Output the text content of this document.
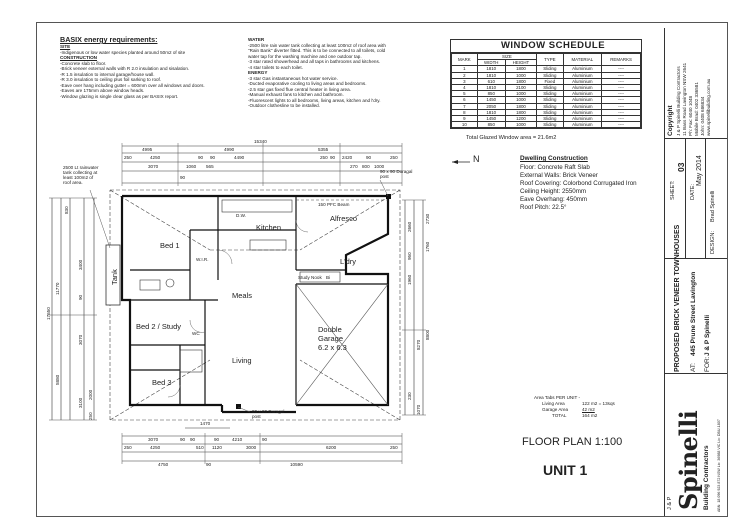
BASIX energy requirements:
SITE
-Indigenous or low water species planted around 50m2 of site
CONSTRUCTION
-Concrete slab to floor.
-Brick veneer external walls with R 2.0 insulation and sisalation.
-R 1.5 insulation to internal garage/house wall.
-R 3.0 insulation to ceiling plus foil sarking to roof.
-Eave over hang including gutter = 600mm over all windows and doors.
-Eaves are 175mm above window heads.
-Window glazing is single clear glass as per BASIX report.
WATER
-2500 litre rain water tank collecting at least 100m2 of roof area with
"Rain Bank" diverter fitted. This is to be connected to all toilets, cold
water tap for the washing machine and one outdoor tap.
-3 star rated showerhead and all taps in bathrooms and kitchens.
-4 star toilets to each toilet.
ENERGY
-3 star Gas instantaneous hot water service.
-Ducted evaporative cooling to living areas and bedrooms.
-2.5 star gas fixed flue central heater in living area.
-Manual exhaust fans to kitchen and bathroom.
-Fluorescent lights to all bedrooms, living areas, kitchen and l'dry.
-Outdoor clothesline to be installed.
WINDOW SCHEDULE
MARK	SIZE		TYPE	MATERIAL	REMARKS
	WIDTH	HEIGHT			
1	1810	1800	Sliding	Aluminium	----
2	1810	1000	Sliding	Aluminium	----
3	610	1800	Fixed	Aluminium	----
4	1810	2100	Sliding	Aluminium	----
5	850	1000	Sliding	Aluminium	----
6	1450	1000	Sliding	Aluminium	----
7	2050	1800	Sliding	Aluminium	----
8	1810	1800	Sliding	Aluminium	----
9	1450	1200	Sliding	Aluminium	----
10	850	1000	Sliding	Aluminium	----
Total Glazed Window area = 21.6m2
N	Dwelling Construction
Floor: Concrete Raft Slab
External Walls: Brick Veneer
Roof Covering: Colorbond Corrugated Iron
Ceiling Height: 2550mm
Eave Overhang: 450mm
Roof Pitch: 22.5°
Bed 1
Kitchen
Alfresco
L'dry
Meals
Bed 2 / Study
Living
Bed 3
Double
Garage
6.2 x 6.3
Tank
W.I.R.
WC
D.W.
Study Nook Bi
150 PFC Beam
2500 Lt rainwater
tank collecting at
least 100m2 of
roof area.
90 x 90 Duragal
post
90 x 90 Duragal
post
15340
4995	4990	5355
250	4250	90 90	4490	250 90 2420	90	250
3070	1060 565	270 800 1000
90
17650
11770
5880
830
3400
90
3070
3100
2000
250
2730
1760
2660
950
1960
8270
8800
230
1070
1470
3070	90 90	90	4210	90
250	4250	510 1120	3000	6200	250
4750	90	10590
Area Tabs PER UNIT -
Living Area	122 m2 = 13sqs
Garage Area	42 m2
TOTAL	164 m2
FLOOR PLAN 1:100
UNIT 1
Copyright J & P Spinelli Building Contractors 11 Bass Road Lavington NSW 2641 Ph: Fax: 6040 1048 Mobile Brad: 0402 336581 John: 0408 686834 www.spinellibuilding.com.au
SHEET:
03
DATE:
May 2014
DESIGN:
Brad Spinelli
PROPOSED BRICK VENEER TOWNHOUSES AT:
445 Prune Street Lavington
FOR:
J & P Spinelli
J & P Spinelli Building Contractors ABN: 18 096 923 872 NSW Lic: 36988 VIC Lic: DBU-1807
